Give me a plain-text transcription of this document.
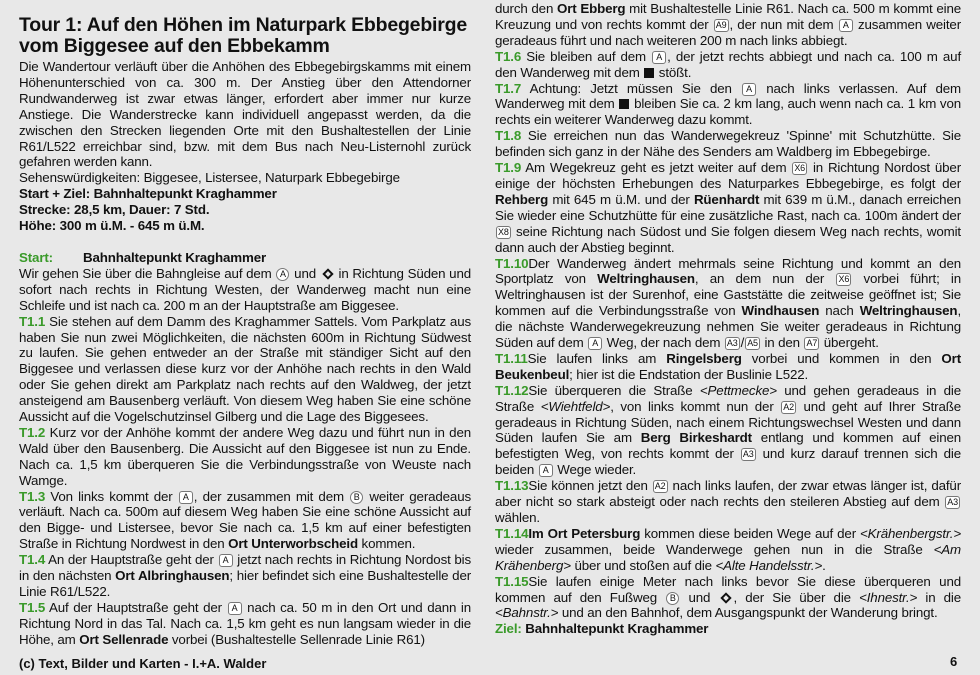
Tour 1: Auf den Höhen im Naturpark Ebbegebirge
vom Biggesee auf den Ebbekamm

Die Wandertour verläuft über die Anhöhen des Ebbegebirgskamms mit einem Höhenunterschied von ca. 300 m. Der Anstieg über den Attendorner Rundwanderweg ist zwar etwas länger, erfordert aber immer nur kurze Anstiege. Die Wanderstrecke kann individuell angepasst werden, da die zwischen den Strecken liegenden Orte mit den Bushaltestellen der Linie R61/L522 erreichbar sind, bzw. mit dem Bus nach Neu-Listernohl zurück gefahren werden kann.

Sehenswürdigkeiten: Biggesee, Listersee, Naturpark Ebbegebirge

Start + Ziel: Bahnhaltepunkt Kraghammer

Strecke: 28,5 km, Dauer: 7 Std.

Höhe: 300 m ü.M. - 645 m ü.M.

Start: Bahnhaltepunkt Kraghammer

Wir gehen Sie über die Bahngleise auf dem A und  in Richtung Süden und sofort nach rechts in Richtung Westen, der Wanderweg macht nun eine Schleife und ist nach ca. 200 m an der Hauptstraße am Biggesee.

T1.1 Sie stehen auf dem Damm des Kraghammer Sattels. Vom Parkplatz aus haben Sie nun zwei Möglichkeiten, die nächsten 600m in Richtung Südwest zu laufen. Sie gehen entweder an der Straße mit ständiger Sicht auf den Biggesee und verlassen diese kurz vor der Anhöhe nach rechts in den Wald oder Sie gehen direkt am Parkplatz nach rechts auf den Waldweg, der jetzt ansteigend am Bausenberg verläuft. Von diesem Weg haben Sie eine schöne Aussicht auf die Vogelschutzinsel Gilberg und die Lage des Biggesees.

T1.2 Kurz vor der Anhöhe kommt der andere Weg dazu und führt nun in den Wald über den Bausenberg. Die Aussicht auf den Biggesee ist nun zu Ende. Nach ca. 1,5 km überqueren Sie die Verbindungsstraße von Weuste nach Wamge.

T1.3 Von links kommt der A , der zusammen mit dem B weiter geradeaus verläuft. Nach ca. 500m auf diesem Weg haben Sie eine schöne Aussicht auf den Bigge- und Listersee, bevor Sie nach ca. 1,5 km auf einer befestigten Straße in Richtung Nordwest in den Ort Unterworbscheid kommen.

T1.4 An der Hauptstraße geht der A jetzt nach rechts in Richtung Nordost bis in den nächsten Ort Albringhausen; hier befindet sich eine Bushaltestelle der Linie R61/L522.

T1.5 Auf der Hauptstraße geht der A nach ca. 50 m in den Ort und dann in Richtung Nord in das Tal. Nach ca. 1,5 km geht es nun langsam wieder in die Höhe, am Ort Sellenrade vorbei (Bushaltestelle Sellenrade Linie R61)

durch den Ort Ebberg mit Bushaltestelle Linie R61. Nach ca. 500 m kommt eine Kreuzung und von rechts kommt der A9 , der nun mit dem A zusammen weiter geradeaus führt und nach weiteren 200 m nach links abbiegt.

T1.6 Sie bleiben auf dem A , der jetzt rechts abbiegt und nach ca. 100 m auf den Wanderweg mit dem  stößt.

T1.7 Achtung: Jetzt müssen Sie den A nach links verlassen. Auf dem Wanderweg mit dem  bleiben Sie ca. 2 km lang, auch wenn nach ca. 1 km von rechts ein weiterer Wanderweg dazu kommt.

T1.8 Sie erreichen nun das Wanderwegekreuz 'Spinne' mit Schutzhütte. Sie befinden sich ganz in der Nähe des Senders am Waldberg im Ebbegebirge.

T1.9 Am Wegekreuz geht es jetzt weiter auf dem X6 in Richtung Nordost über einige der höchsten Erhebungen des Naturparkes Ebbegebirge, es folgt der Rehberg mit 645 m ü.M. und der Rüenhardt mit 639 m ü.M., danach erreichen Sie wieder eine Schutzhütte für eine zusätzliche Rast, nach ca. 100m ändert der X8 seine Richtung nach Südost und Sie folgen diesem Weg nach rechts, womit dann auch der Abstieg beginnt.

T1.10Der Wanderweg ändert mehrmals seine Richtung und kommt an den Sportplatz von Weltringhausen, an dem nun der X6 vorbei führt; in Weltringhausen ist der Surenhof, eine Gaststätte die zeitweise geöffnet ist; Sie kommen auf die Verbindungsstraße von Windhausen nach Weltringhausen, die nächste Wanderwegekreuzung nehmen Sie weiter geradeaus in Richtung Süden auf dem A Weg, der nach dem A3 / A5 in den A7 übergeht.

T1.11Sie laufen links am Ringelsberg vorbei und kommen in den Ort Beukenbeul; hier ist die Endstation der Buslinie L522.

T1.12Sie überqueren die Straße <Pettmecke> und gehen geradeaus in die Straße <Wiehtfeld>, von links kommt nun der A2 und geht auf Ihrer Straße geradeaus in Richtung Süden, nach einem Richtungswechsel Westen und dann Süden laufen Sie am Berg Birkeshardt entlang und kommen auf einen befestigten Weg, von rechts kommt der A3 und kurz darauf trennen sich die beiden A Wege wieder.

T1.13Sie können jetzt den A2 nach links laufen, der zwar etwas länger ist, dafür aber nicht so stark absteigt oder nach rechts den steileren Abstieg auf dem A3 wählen.

T1.14Im Ort Petersburg kommen diese beiden Wege auf der <Krähenbergstr.> wieder zusammen, beide Wanderwege gehen nun in die Straße <Am Krähenberg> über und stoßen auf die <Alte Handelsstr.>.

T1.15Sie laufen einige Meter nach links bevor Sie diese überqueren und kommen auf den Fußweg B und , der Sie über die <Ihnestr.> in die <Bahnstr.> und an den Bahnhof, dem Ausgangspunkt der Wanderung bringt.

Ziel: Bahnhaltepunkt Kraghammer

(c) Text, Bilder und Karten - I.+A. Walder	6
